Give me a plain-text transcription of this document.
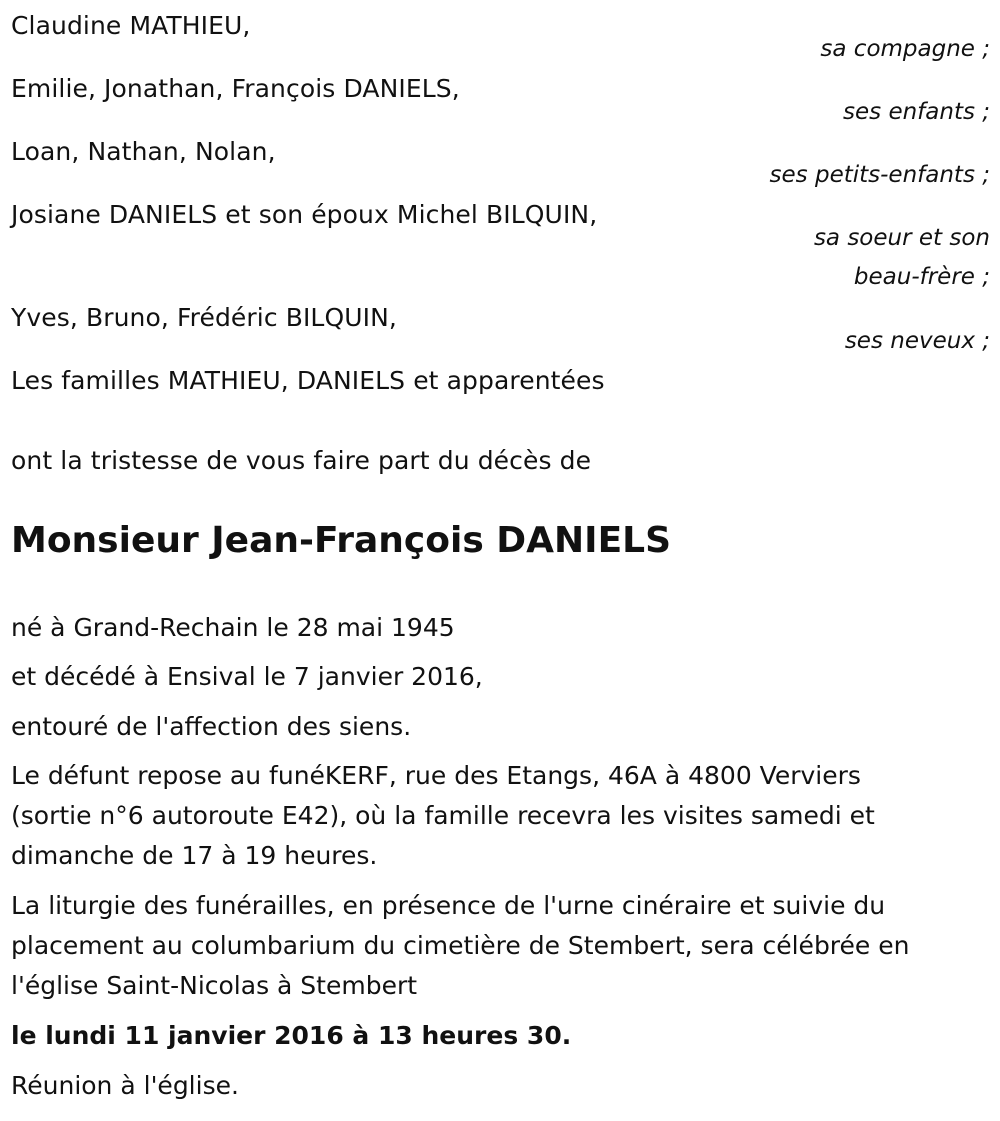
Claudine MATHIEU,
sa compagne ;
Emilie, Jonathan, François DANIELS,
ses enfants ;
Loan, Nathan, Nolan,
ses petits-enfants ;
Josiane DANIELS et son époux Michel BILQUIN,
sa soeur et son
beau-frère ;
Yves, Bruno, Frédéric BILQUIN,
ses neveux ;
Les familles MATHIEU, DANIELS et apparentées
ont la tristesse de vous faire part du décès de
Monsieur Jean-François DANIELS
né à Grand-Rechain le 28 mai 1945
et décédé à Ensival le 7 janvier 2016,
entouré de l'affection des siens.
Le défunt repose au funéKERF, rue des Etangs, 46A à 4800 Verviers
(sortie n°6 autoroute E42), où la famille recevra les visites samedi et
dimanche de 17 à 19 heures.
La liturgie des funérailles, en présence de l'urne cinéraire et suivie du
placement au columbarium du cimetière de Stembert, sera célébrée en
l'église Saint-Nicolas à Stembert
le lundi 11 janvier 2016 à 13 heures 30.
Réunion à l'église.
